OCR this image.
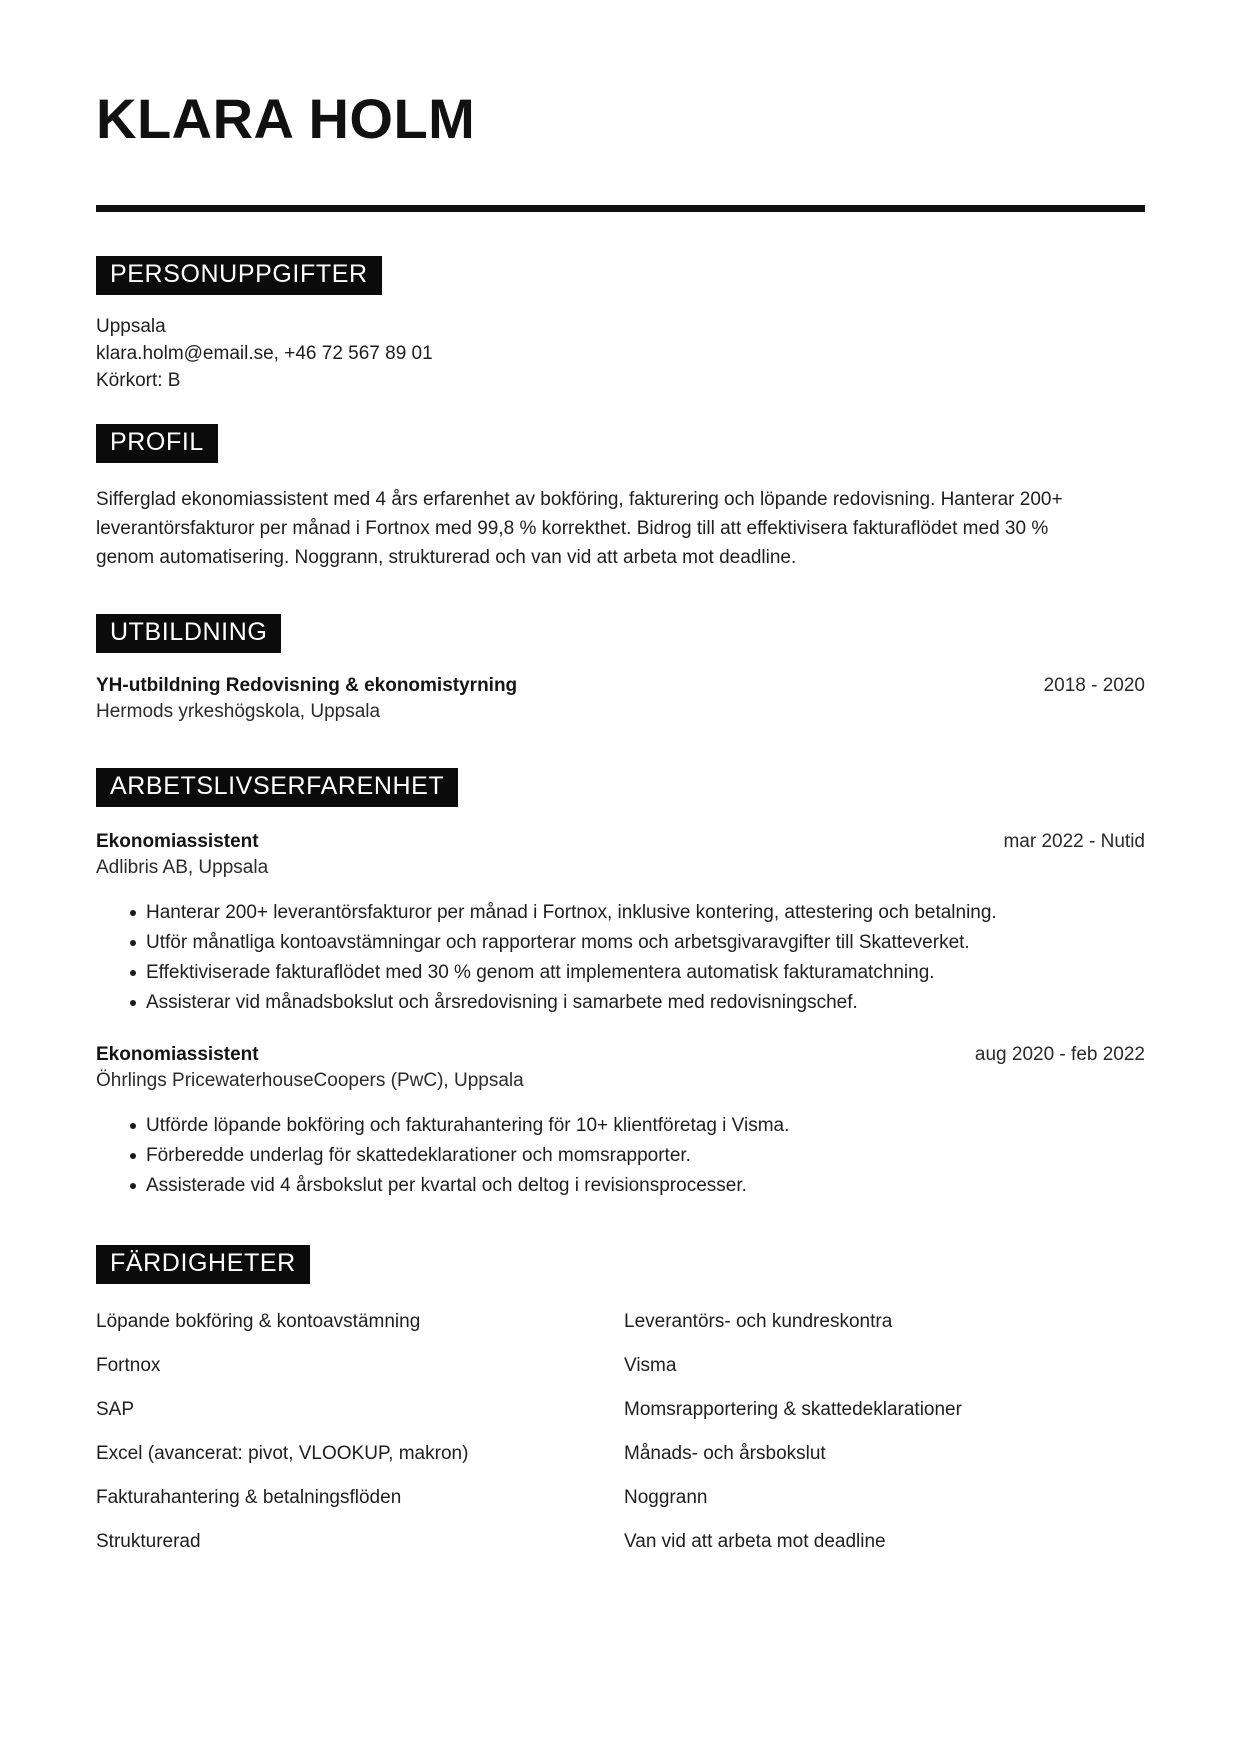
KLARA HOLM
PERSONUPPGIFTER
Uppsala
klara.holm@email.se, +46 72 567 89 01
Körkort: B
PROFIL
Sifferglad ekonomiassistent med 4 års erfarenhet av bokföring, fakturering och löpande redovisning. Hanterar 200+ leverantörsfakturor per månad i Fortnox med 99,8 % korrekthet. Bidrog till att effektivisera fakturaflödet med 30 % genom automatisering. Noggrann, strukturerad och van vid att arbeta mot deadline.
UTBILDNING
YH-utbildning Redovisning & ekonomistyrning	2018 - 2020
Hermods yrkeshögskola, Uppsala
ARBETSLIVSERFARENHET
Ekonomiassistent	mar 2022 - Nutid
Adlibris AB, Uppsala
Hanterar 200+ leverantörsfakturor per månad i Fortnox, inklusive kontering, attestering och betalning.
Utför månatliga kontoavstämningar och rapporterar moms och arbetsgivaravgifter till Skatteverket.
Effektiviserade fakturaflödet med 30 % genom att implementera automatisk fakturamatchning.
Assisterar vid månadsbokslut och årsredovisning i samarbete med redovisningschef.
Ekonomiassistent	aug 2020 - feb 2022
Öhrlings PricewaterhouseCoopers (PwC), Uppsala
Utförde löpande bokföring och fakturahantering för 10+ klientföretag i Visma.
Förberedde underlag för skattedeklarationer och momsrapporter.
Assisterade vid 4 årsbokslut per kvartal och deltog i revisionsprocesser.
FÄRDIGHETER
Löpande bokföring & kontoavstämning	Leverantörs- och kundreskontra
Fortnox	Visma
SAP	Momsrapportering & skattedeklarationer
Excel (avancerat: pivot, VLOOKUP, makron)	Månads- och årsbokslut
Fakturahantering & betalningsflöden	Noggrann
Strukturerad	Van vid att arbeta mot deadline
